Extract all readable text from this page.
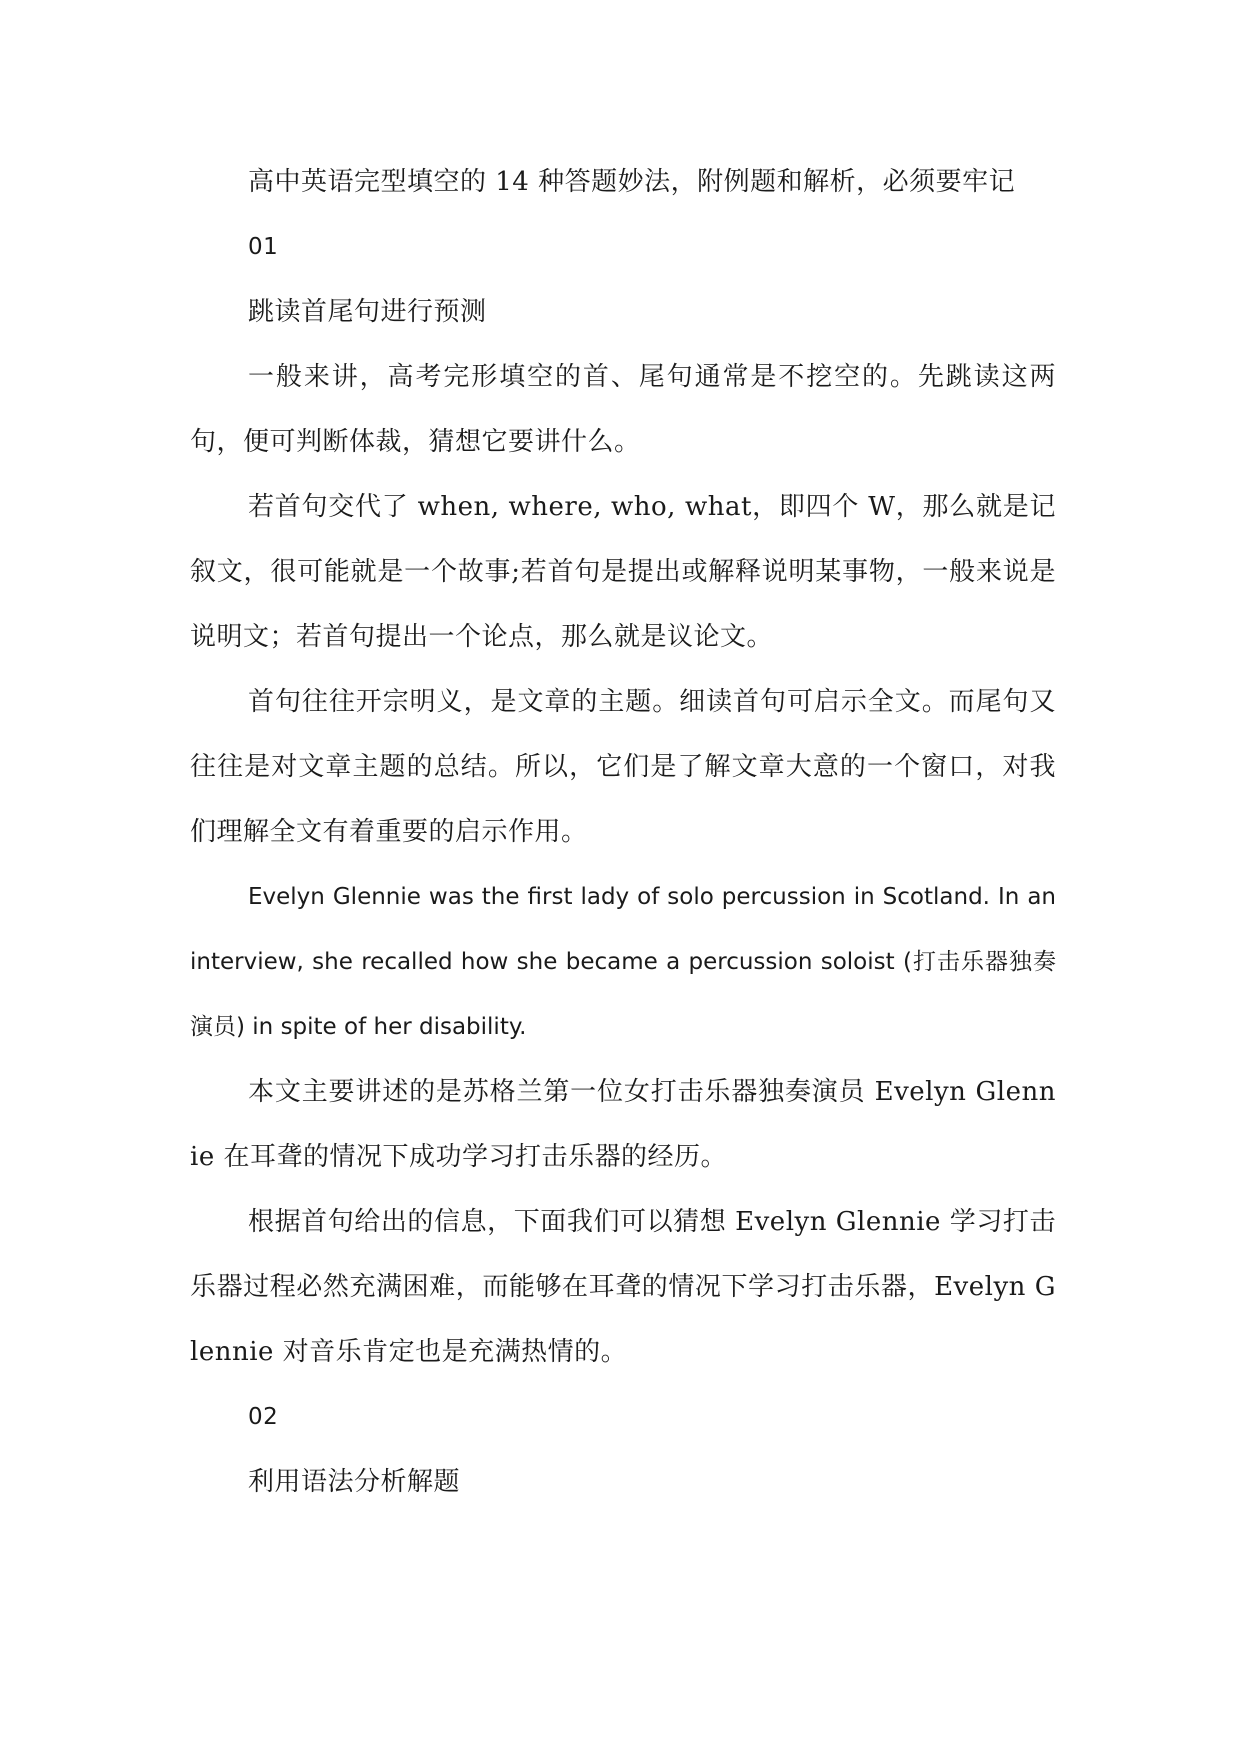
高中英语完型填空的 14 种答题妙法，附例题和解析，必须要牢记

01

跳读首尾句进行预测

一般来讲，高考完形填空的首、尾句通常是不挖空的。先跳读这两句，便可判断体裁，猜想它要讲什么。

若首句交代了 when, where, who, what，即四个 W，那么就是记叙文，很可能就是一个故事;若首句是提出或解释说明某事物，一般来说是说明文；若首句提出一个论点，那么就是议论文。

首句往往开宗明义，是文章的主题。细读首句可启示全文。而尾句又往往是对文章主题的总结。所以，它们是了解文章大意的一个窗口，对我们理解全文有着重要的启示作用。

Evelyn Glennie was the first lady of solo percussion in Scotland. In an interview, she recalled how she became a percussion soloist (打击乐器独奏演员) in spite of her disability.

本文主要讲述的是苏格兰第一位女打击乐器独奏演员 Evelyn Glennie 在耳聋的情况下成功学习打击乐器的经历。

根据首句给出的信息，下面我们可以猜想 Evelyn Glennie 学习打击乐器过程必然充满困难，而能够在耳聋的情况下学习打击乐器，Evelyn Glennie 对音乐肯定也是充满热情的。

02

利用语法分析解题
